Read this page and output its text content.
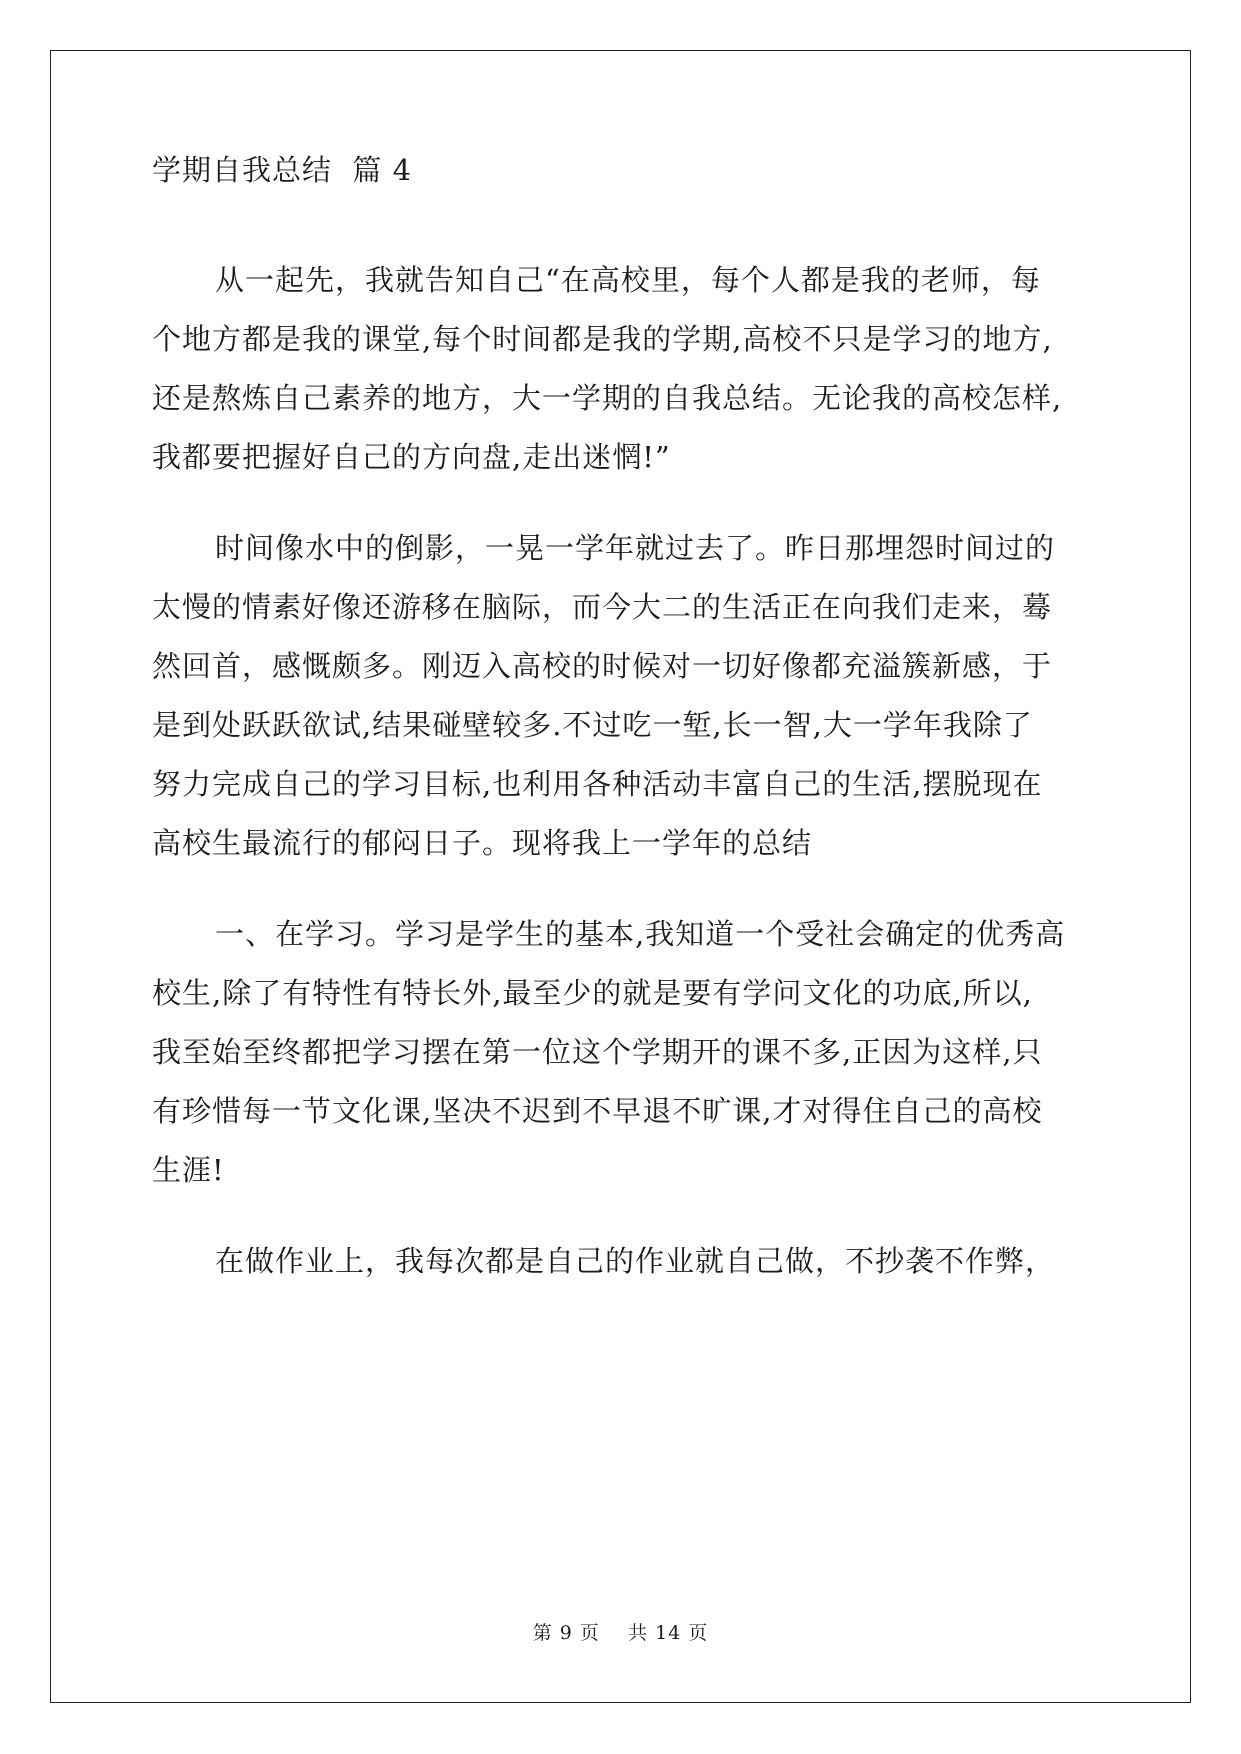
学期自我总结  篇 4
从一起先，我就告知自己“在高校里，每个人都是我的老师，每
个地方都是我的课堂,每个时间都是我的学期,高校不只是学习的地方,
还是熬炼自己素养的地方，大一学期的自我总结。无论我的高校怎样,
我都要把握好自己的方向盘,走出迷惘!”
时间像水中的倒影，一晃一学年就过去了。昨日那埋怨时间过的
太慢的情素好像还游移在脑际，而今大二的生活正在向我们走来，蓦
然回首，感慨颇多。刚迈入高校的时候对一切好像都充溢簇新感，于
是到处跃跃欲试,结果碰壁较多.不过吃一堑,长一智,大一学年我除了
努力完成自己的学习目标,也利用各种活动丰富自己的生活,摆脱现在
高校生最流行的郁闷日子。现将我上一学年的总结
一、在学习。学习是学生的基本,我知道一个受社会确定的优秀高
校生,除了有特性有特长外,最至少的就是要有学问文化的功底,所以,
我至始至终都把学习摆在第一位这个学期开的课不多,正因为这样,只
有珍惜每一节文化课,坚决不迟到不早退不旷课,才对得住自己的高校
生涯!
在做作业上，我每次都是自己的作业就自己做，不抄袭不作弊，
第 9 页    共 14 页
